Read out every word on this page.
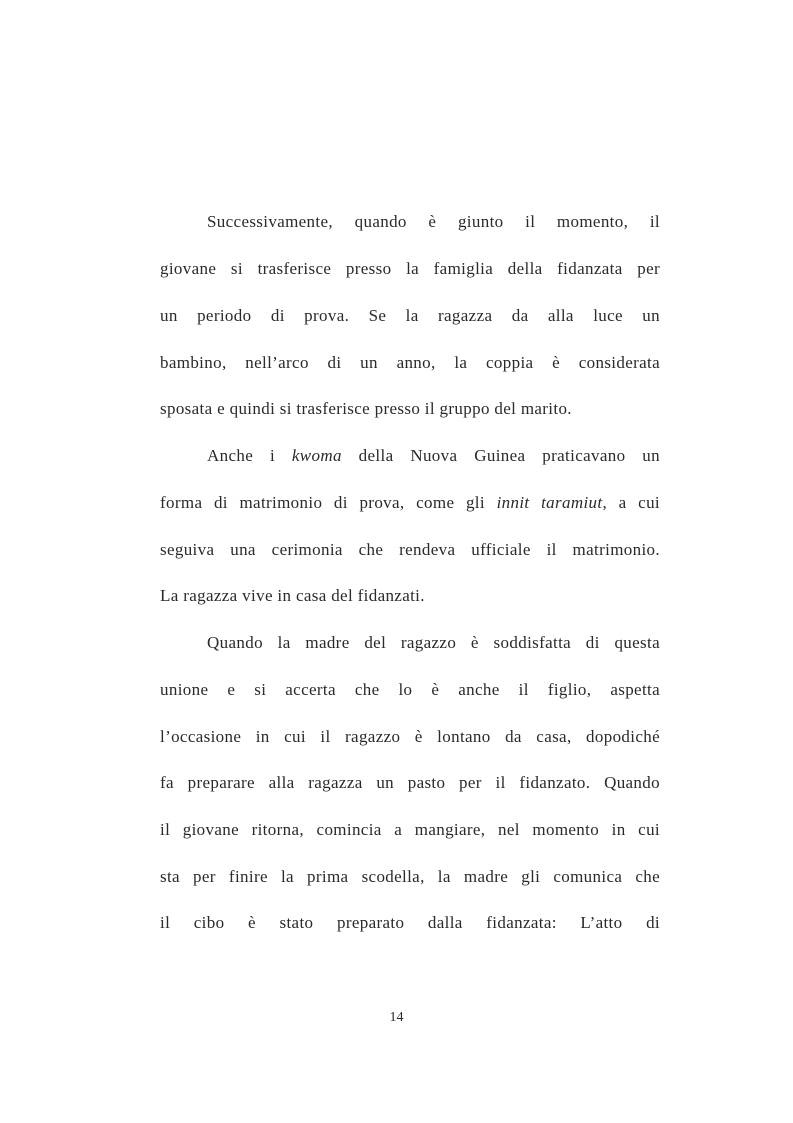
Successivamente, quando è giunto il momento, il
giovane si trasferisce presso la famiglia della fidanzata per
un periodo di prova. Se la ragazza da alla luce un
bambino, nell’arco di un anno, la coppia è considerata
sposata e quindi si trasferisce presso il gruppo del marito.
Anche i kwoma della Nuova Guinea praticavano un
forma di matrimonio di prova, come gli innit taramiut, a cui
seguiva una cerimonia che rendeva ufficiale il matrimonio.
La ragazza vive in casa del fidanzati.
Quando la madre del ragazzo è soddisfatta di questa
unione e si accerta che lo è anche il figlio, aspetta
l’occasione in cui il ragazzo è lontano da casa, dopodiché
fa preparare alla ragazza un pasto per il fidanzato. Quando
il giovane ritorna, comincia a mangiare, nel momento in cui
sta per finire la prima scodella, la madre gli comunica che
il cibo è stato preparato dalla fidanzata: L’atto di
14
